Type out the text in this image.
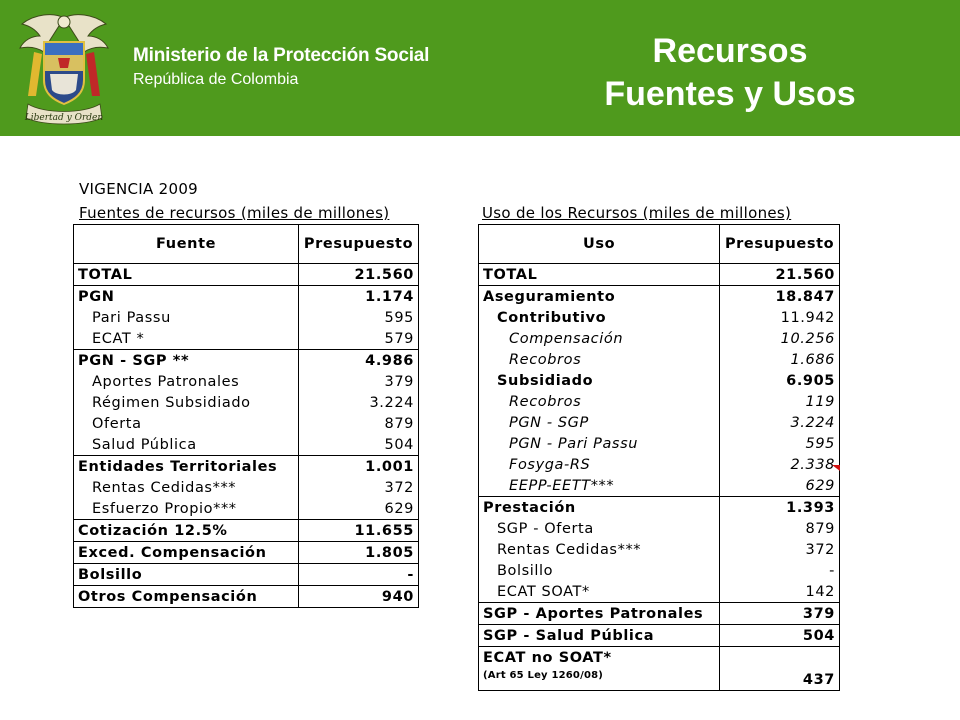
Libertad y Orden
Ministerio de la Protección Social
República de Colombia
Recursos
Fuentes y Usos
VIGENCIA 2009
Fuentes de recursos (miles de millones)	Uso de los Recursos (miles de millones)
Fuente	Presupuesto
TOTAL	21.560
PGN	1.174
Pari Passu	595
ECAT *	579
PGN - SGP **	4.986
Aportes Patronales	379
Régimen Subsidiado	3.224
Oferta	879
Salud Pública	504
Entidades Territoriales	1.001
Rentas Cedidas***	372
Esfuerzo Propio***	629
Cotización 12.5%	11.655
Exced. Compensación	1.805
Bolsillo	-
Otros Compensación	940
Uso	Presupuesto
TOTAL	21.560
Aseguramiento	18.847
Contributivo	11.942
Compensación	10.256
Recobros	1.686
Subsidiado	6.905
Recobros	119
PGN - SGP	3.224
PGN - Pari Passu	595
Fosyga-RS	2.338
EEPP-EETT***	629
Prestación	1.393
SGP - Oferta	879
Rentas Cedidas***	372
Bolsillo	-
ECAT SOAT*	142
SGP - Aportes Patronales	379
SGP - Salud Pública	504

ECAT no SOAT*
(Art 65 Ley 1260/08)	437
